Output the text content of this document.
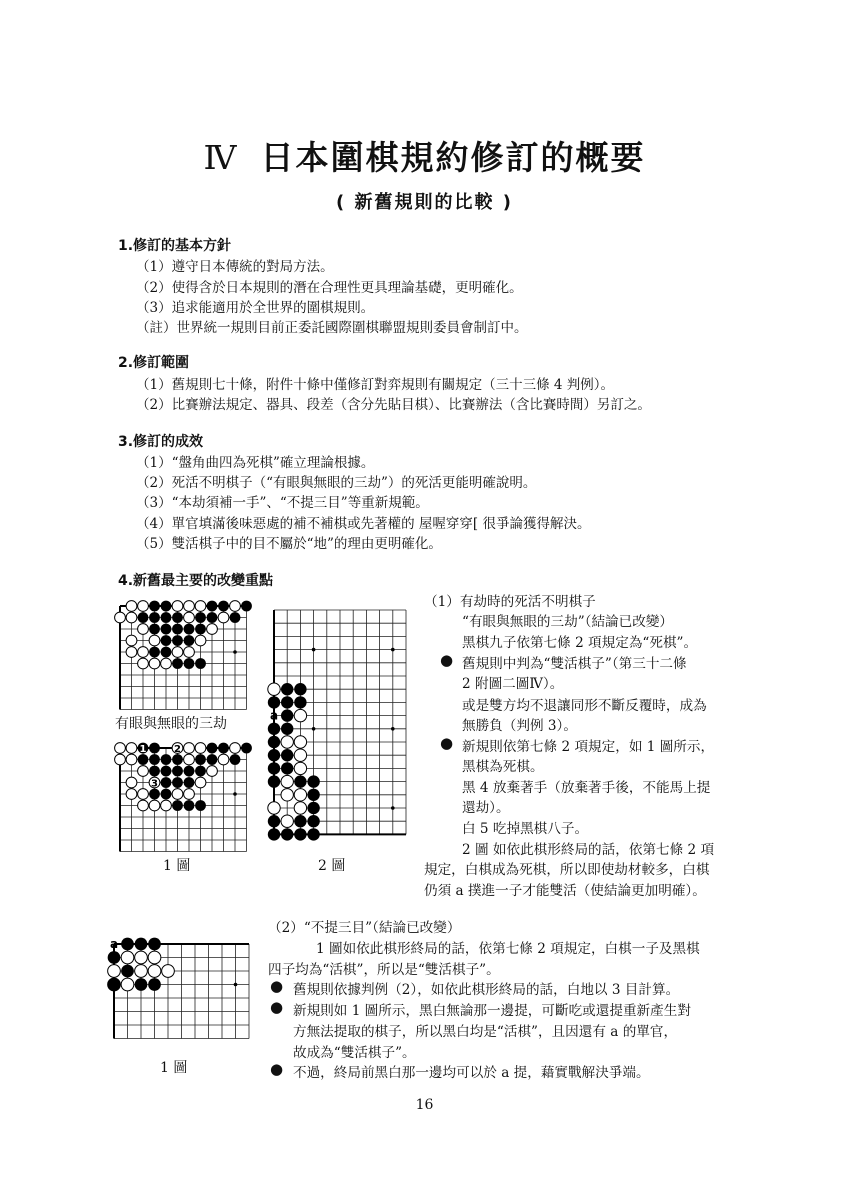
Ⅳ 日本圍棋規約修訂的概要
( 新舊規則的比較 )
1.修訂的基本方針
（1）遵守日本傳統的對局方法。
（2）使得含於日本規則的潛在合理性更具理論基礎，更明確化。
（3）追求能適用於全世界的圍棋規則。
（註）世界統一規則目前正委託國際圍棋聯盟規則委員會制訂中。
2.修訂範圍
（1）舊規則七十條，附件十條中僅修訂對弈規則有關規定（三十三條 4 判例）。
（2）比賽辦法規定、器具、段差（含分先貼目棋）、比賽辦法（含比賽時間）另訂之。
3.修訂的成效
（1）“盤角曲四為死棋”確立理論根據。
（2）死活不明棋子（“有眼與無眼的三劫”）的死活更能明確說明。
（3）“本劫須補一手”、“不提三目”等重新規範。
（4）單官填滿後味惡處的補不補棋或先著權的 屋喔穿穿[ 很爭論獲得解決。
（5）雙活棋子中的目不屬於“地”的理由更明確化。
4.新舊最主要的改變重點
有眼與無眼的三劫
1	2
3
1 圖
a
2 圖
（1）有劫時的死活不明棋子
“有眼與無眼的三劫”（結論已改變）
黑棋九子依第七條 2 項規定為“死棋”。
● 舊規則中判為“雙活棋子”（第三十二條
2 附圖二圖Ⅳ）。
或是雙方均不退讓同形不斷反覆時，成為
無勝負（判例 3）。
● 新規則依第七條 2 項規定，如 1 圖所示，
黑棋為死棋。
黑 4 放棄著手（放棄著手後，不能馬上提
還劫）。
白 5 吃掉黑棋八子。
2 圖 如依此棋形終局的話，依第七條 2 項
規定，白棋成為死棋，所以即使劫材較多，白棋
仍須 a 撲進一子才能雙活（使結論更加明確）。
a
1 圖
（2）“不提三目”（結論已改變）
1 圖如依此棋形終局的話，依第七條 2 項規定，白棋一子及黑棋
四子均為“活棋”，所以是“雙活棋子”。
● 舊規則依據判例（2），如依此棋形終局的話，白地以 3 目計算。
● 新規則如 1 圖所示，黑白無論那一邊提，可斷吃或還提重新產生對
方無法提取的棋子，所以黑白均是“活棋”，且因還有 a 的單官，
故成為“雙活棋子”。
● 不過，終局前黑白那一邊均可以於 a 提，藉實戰解決爭端。
16
